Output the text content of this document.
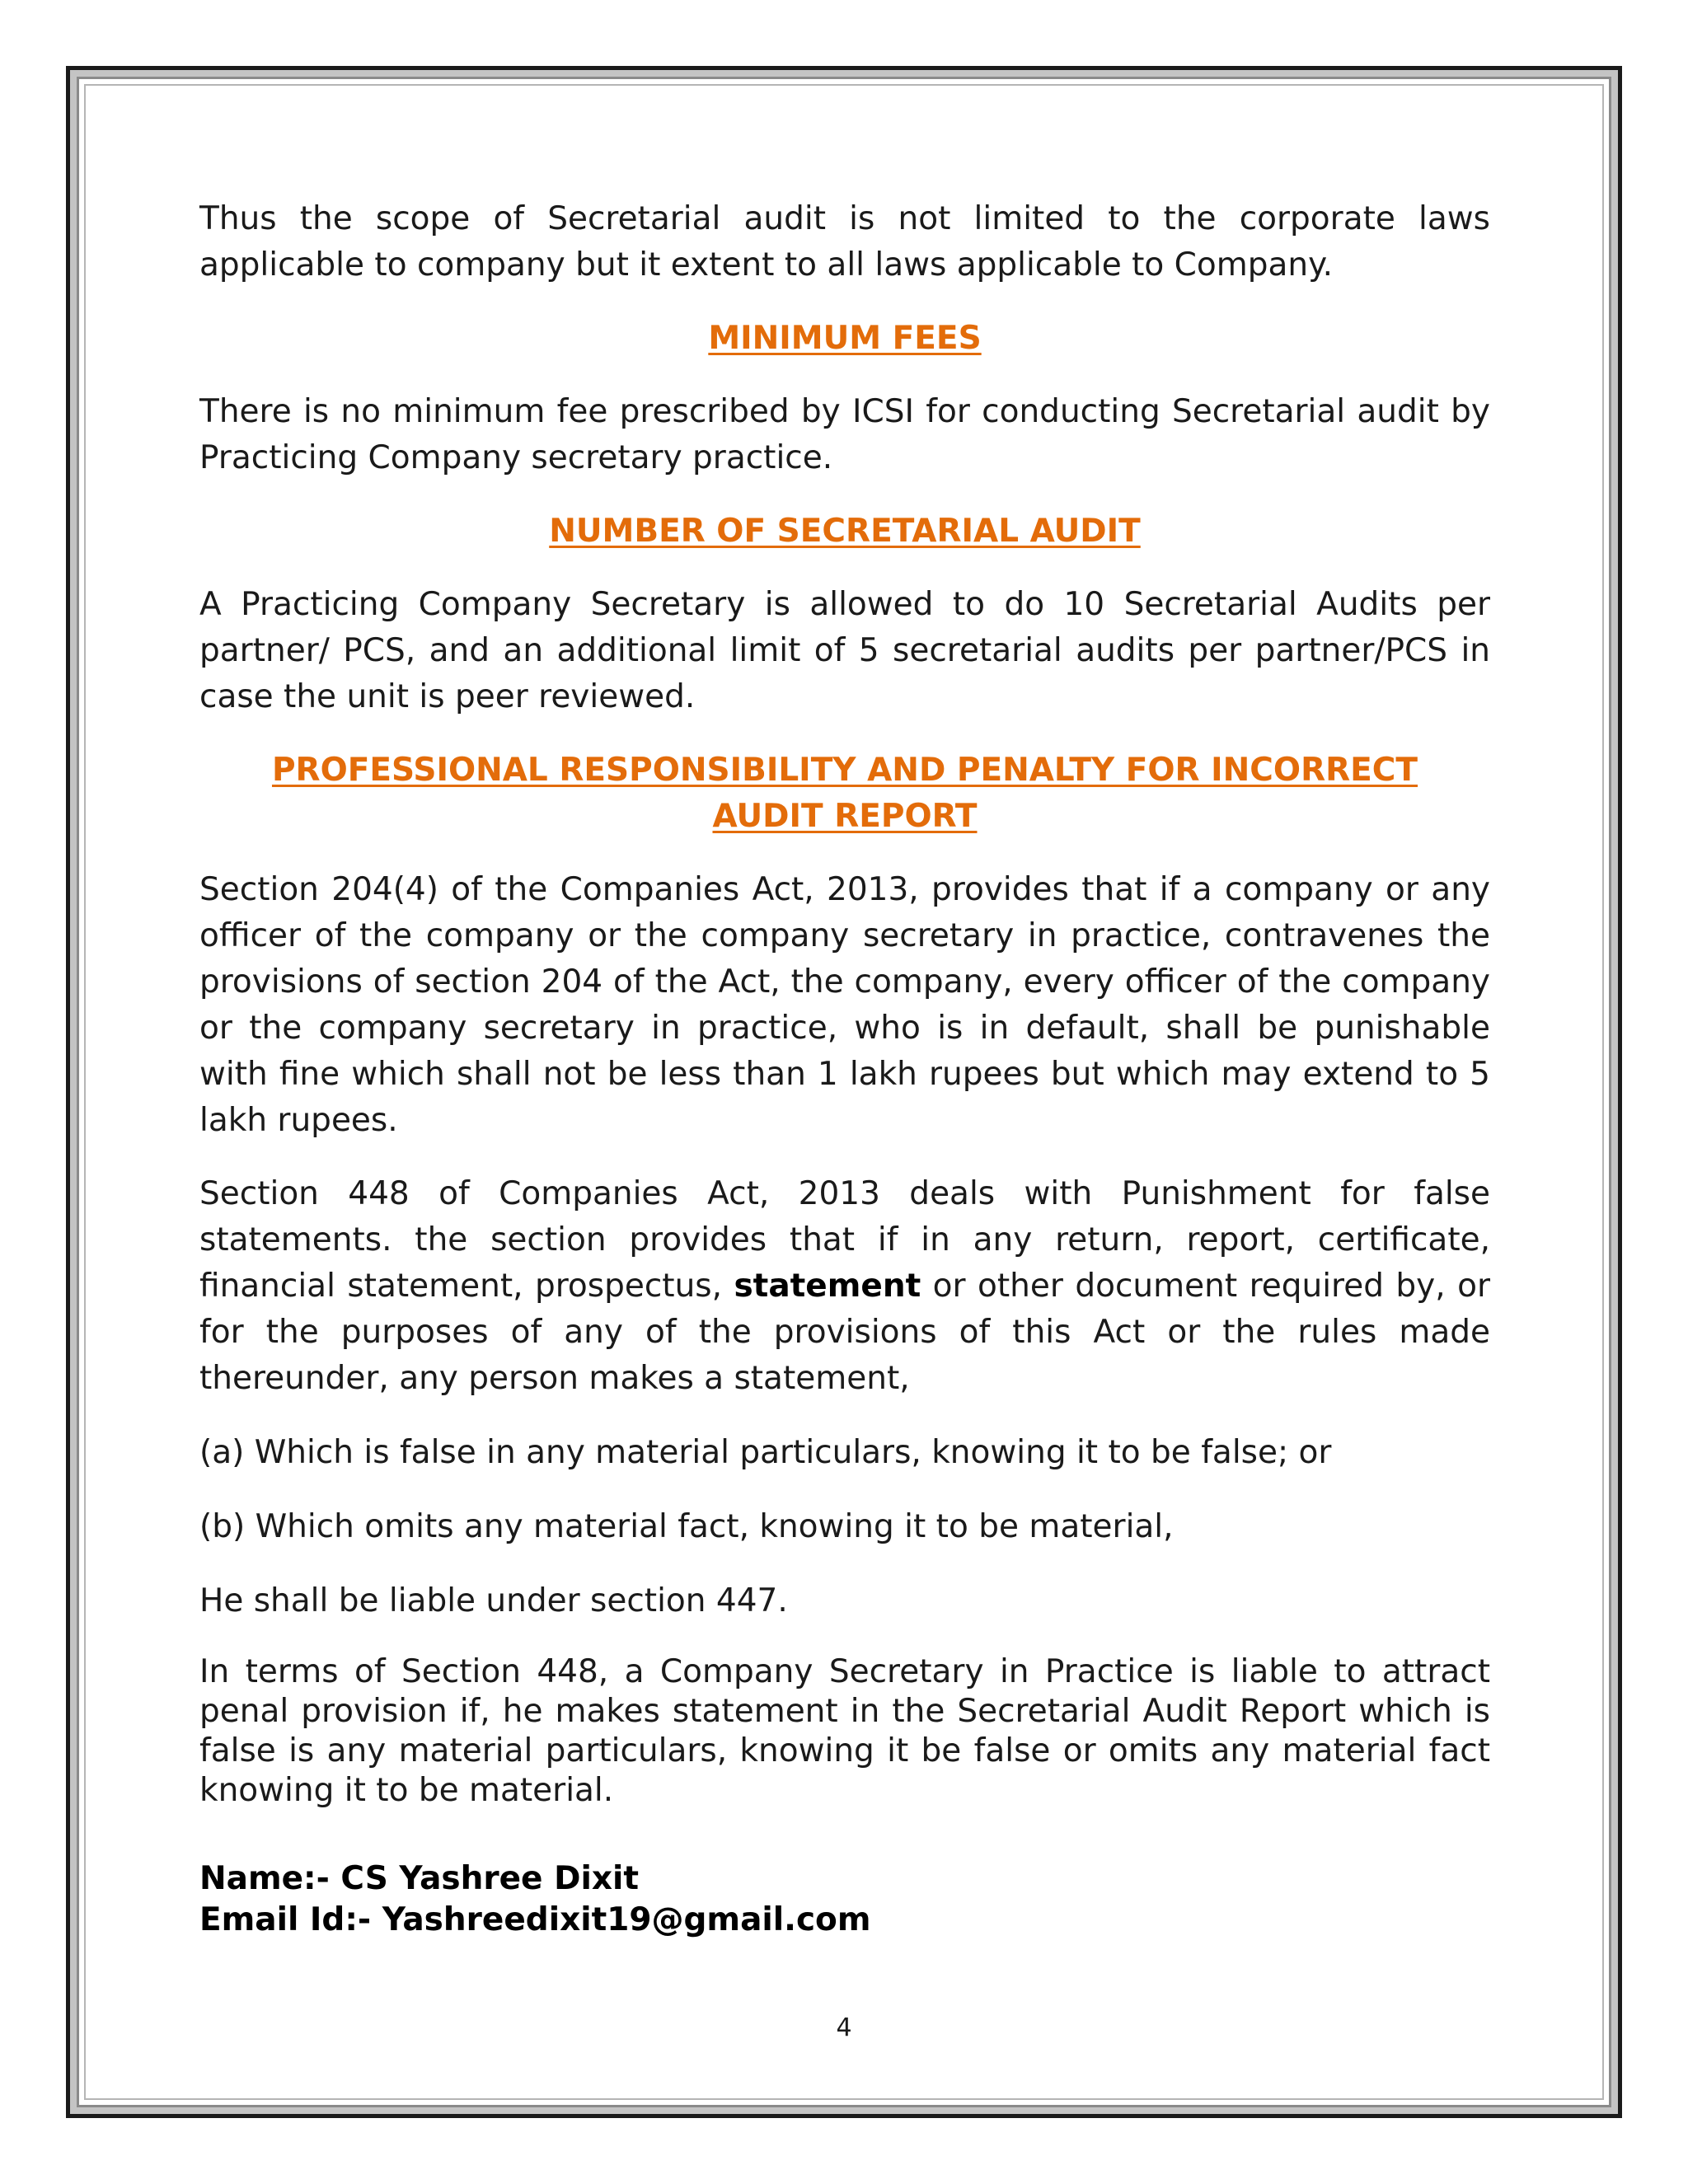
Thus the scope of Secretarial audit is not limited to the corporate laws applicable to company but it extent to all laws applicable to Company.

MINIMUM FEES

There is no minimum fee prescribed by ICSI for conducting Secretarial audit by Practicing Company secretary practice.

NUMBER OF SECRETARIAL AUDIT

A Practicing Company Secretary is allowed to do 10 Secretarial Audits per partner/ PCS, and an additional limit of 5 secretarial audits per partner/PCS in case the unit is peer reviewed.

PROFESSIONAL RESPONSIBILITY AND PENALTY FOR INCORRECT
AUDIT REPORT

Section 204(4) of the Companies Act, 2013, provides that if a company or any officer of the company or the company secretary in practice, contravenes the provisions of section 204 of the Act, the company, every officer of the company or the company secretary in practice, who is in default, shall be punishable with fine which shall not be less than 1 lakh rupees but which may extend to 5 lakh rupees.

Section 448 of Companies Act, 2013 deals with Punishment for false statements. the section provides that if in any return, report, certificate, financial statement, prospectus, statement or other document required by, or for the purposes of any of the provisions of this Act or the rules made thereunder, any person makes a statement,

(a) Which is false in any material particulars, knowing it to be false; or

(b) Which omits any material fact, knowing it to be material,

He shall be liable under section 447.

In terms of Section 448, a Company Secretary in Practice is liable to attract penal provision if, he makes statement in the Secretarial Audit Report which is false is any material particulars, knowing it be false or omits any material fact knowing it to be material.

Name:- CS Yashree Dixit
Email Id:- Yashreedixit19@gmail.com
4
